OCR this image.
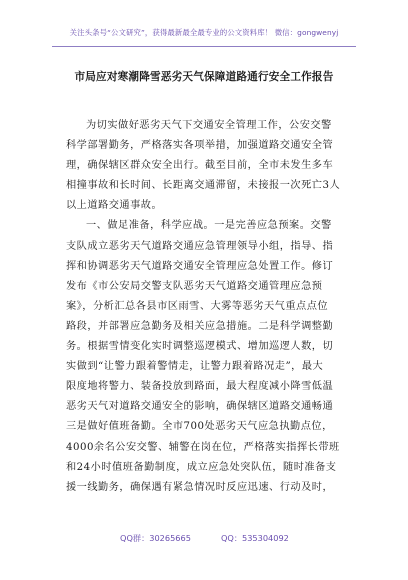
关注头条号“公文研究”，获得最新最全最专业的公文资料库！ 微信：gongwenyj
市局应对寒潮降雪恶劣天气保障道路通行安全工作报告
为切实做好恶劣天气下交通安全管理工作，公安交警
科学部署勤务，严格落实各项举措，加强道路交通安全管
理，确保辖区群众安全出行。截至目前，全市未发生多车
相撞事故和长时间、长距离交通滞留，未接报一次死亡3人
以上道路交通事故。
一、做足准备，科学应战。一是完善应急预案。交警
支队成立恶劣天气道路交通应急管理领导小组，指导、指
挥和协调恶劣天气道路交通安全管理应急处置工作。修订
发布《市公安局交警支队恶劣天气道路交通管理应急预
案》，分析汇总各县市区雨雪、大雾等恶劣天气重点点位
路段，并部署应急勤务及相关应急措施。二是科学调整勤
务。根据雪情变化实时调整巡逻模式、增加巡逻人数，切
实做到“让警力跟着警情走，让警力跟着路况走”，最大
限度地将警力、装备投放到路面，最大程度减小降雪低温
恶劣天气对道路交通安全的影响，确保辖区道路交通畅通
三是做好值班备勤。全市700处恶劣天气应急执勤点位，
4000余名公安交警、辅警在岗在位，严格落实指挥长带班
和24小时值班备勤制度，成立应急处突队伍，随时准备支
援一线勤务，确保遇有紧急情况时反应迅速、行动及时，
QQ群：30265665	QQ：535304092
